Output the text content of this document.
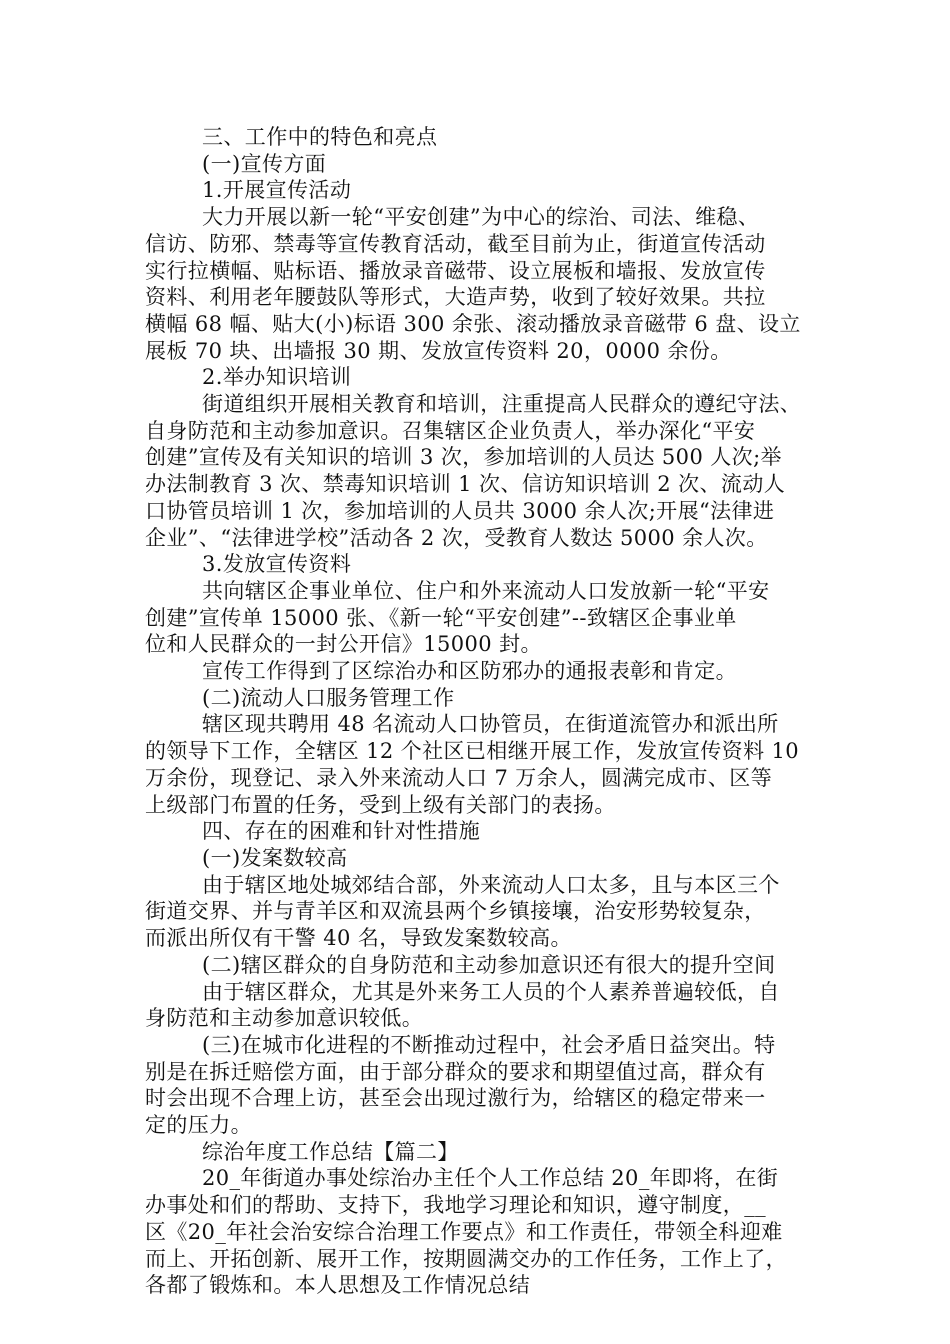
三、工作中的特色和亮点
(一)宣传方面
1.开展宣传活动
大力开展以新一轮“平安创建”为中心的综治、司法、维稳、
信访、防邪、禁毒等宣传教育活动，截至目前为止，街道宣传活动
实行拉横幅、贴标语、播放录音磁带、设立展板和墙报、发放宣传
资料、利用老年腰鼓队等形式，大造声势，收到了较好效果。共拉
横幅 68 幅、贴大(小)标语 300 余张、滚动播放录音磁带 6 盘、设立
展板 70 块、出墙报 30 期、发放宣传资料 20，0000 余份。
2.举办知识培训
街道组织开展相关教育和培训，注重提高人民群众的遵纪守法、
自身防范和主动参加意识。召集辖区企业负责人，举办深化“平安
创建”宣传及有关知识的培训 3 次，参加培训的人员达 500 人次;举
办法制教育 3 次、禁毒知识培训 1 次、信访知识培训 2 次、流动人
口协管员培训 1 次，参加培训的人员共 3000 余人次;开展“法律进
企业”、“法律进学校”活动各 2 次，受教育人数达 5000 余人次。
3.发放宣传资料
共向辖区企事业单位、住户和外来流动人口发放新一轮“平安
创建”宣传单 15000 张、《新一轮“平安创建”--致辖区企事业单
位和人民群众的一封公开信》15000 封。
宣传工作得到了区综治办和区防邪办的通报表彰和肯定。
(二)流动人口服务管理工作
辖区现共聘用 48 名流动人口协管员，在街道流管办和派出所
的领导下工作，全辖区 12 个社区已相继开展工作，发放宣传资料 10
万余份，现登记、录入外来流动人口 7 万余人，圆满完成市、区等
上级部门布置的任务，受到上级有关部门的表扬。
四、存在的困难和针对性措施
(一)发案数较高
由于辖区地处城郊结合部，外来流动人口太多，且与本区三个
街道交界、并与青羊区和双流县两个乡镇接壤，治安形势较复杂，
而派出所仅有干警 40 名，导致发案数较高。
(二)辖区群众的自身防范和主动参加意识还有很大的提升空间
由于辖区群众，尤其是外来务工人员的个人素养普遍较低，自
身防范和主动参加意识较低。
(三)在城市化进程的不断推动过程中，社会矛盾日益突出。特
别是在拆迁赔偿方面，由于部分群众的要求和期望值过高，群众有
时会出现不合理上访，甚至会出现过激行为，给辖区的稳定带来一
定的压力。
综治年度工作总结【篇二】
20_年街道办事处综治办主任个人工作总结 20_年即将，在街
办事处和们的帮助、支持下，我地学习理论和知识，遵守制度，__
区《20_年社会治安综合治理工作要点》和工作责任，带领全科迎难
而上、开拓创新、展开工作，按期圆满交办的工作任务，工作上了，
各都了锻炼和。本人思想及工作情况总结
